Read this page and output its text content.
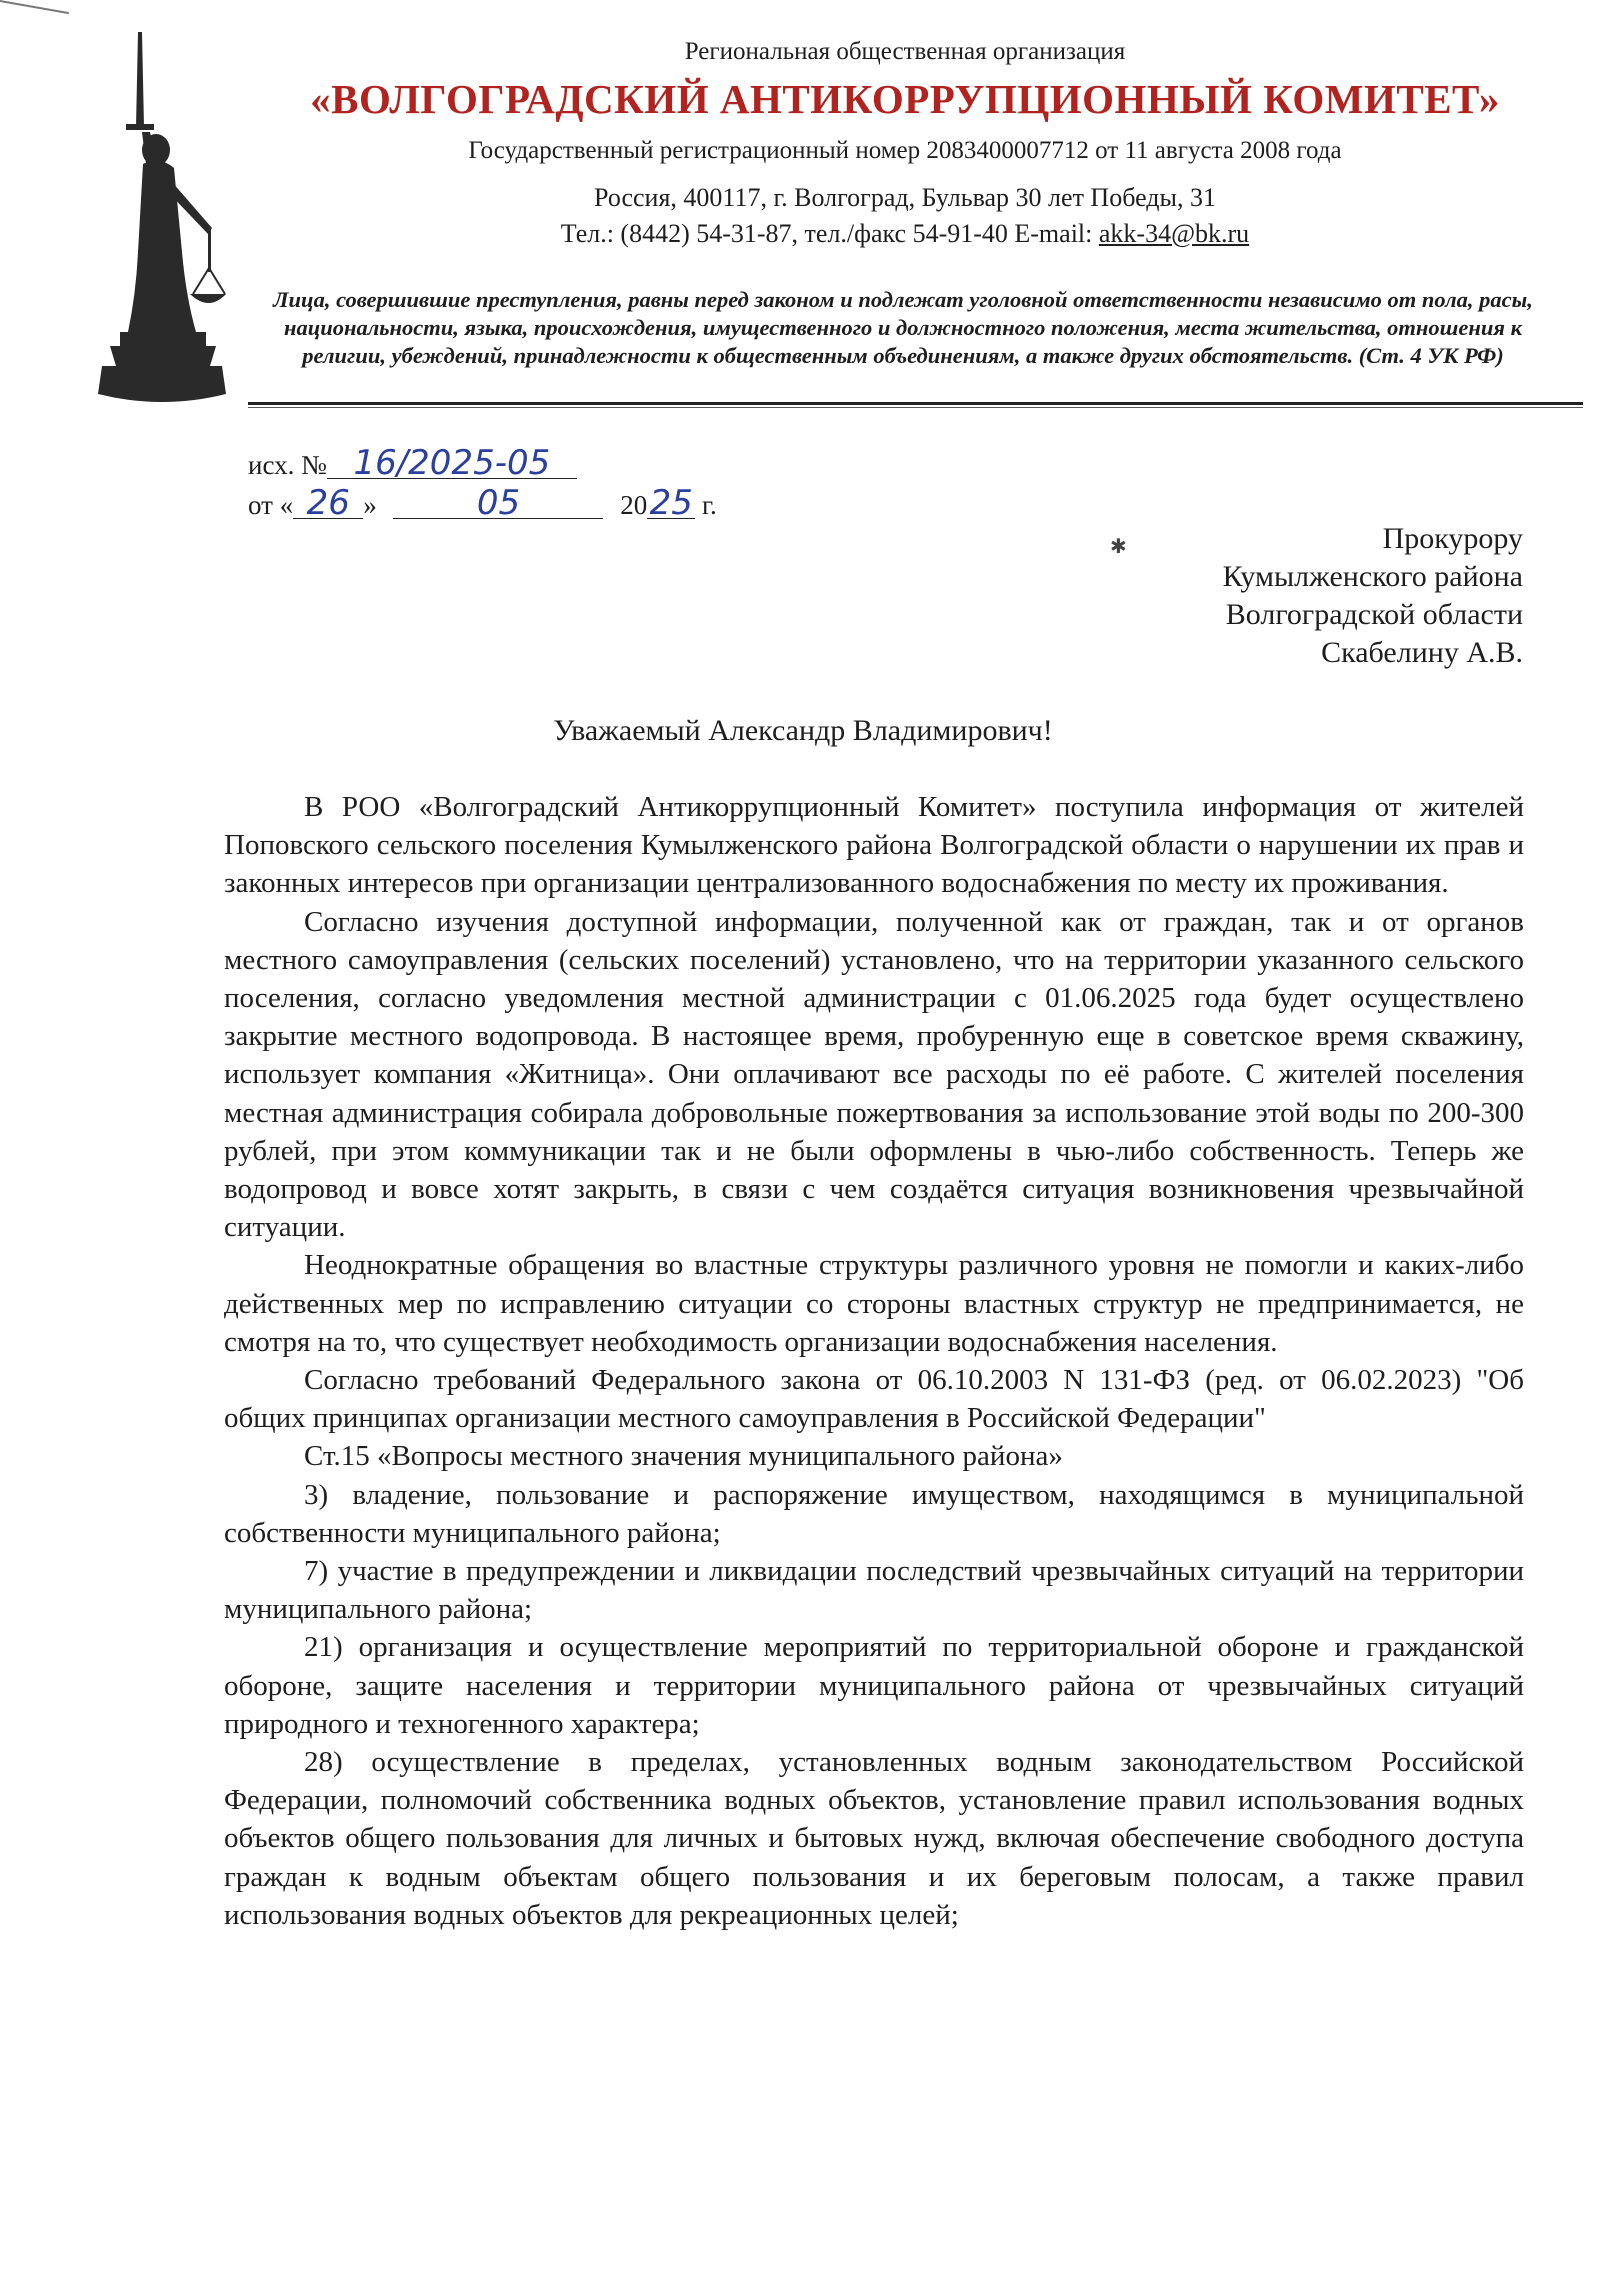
Региональная общественная организация
«ВОЛГОГРАДСКИЙ АНТИКОРРУПЦИОННЫЙ КОМИТЕТ»
Государственный регистрационный номер 2083400007712 от 11 августа 2008 года
Россия, 400117, г. Волгоград, Бульвар 30 лет Победы, 31
Тел.: (8442) 54-31-87, тел./факс 54-91-40 E-mail: akk-34@bk.ru
Лица, совершившие преступления, равны перед законом и подлежат уголовной ответственности независимо от пола, расы, национальности, языка, происхождения, имущественного и должностного положения, места жительства, отношения к религии, убеждений, принадлежности к общественным объединениям, а также других обстоятельств. (Ст. 4 УК РФ)
исх. № 16/2025-05
от « 26 »	05	2025 г.
✱	Прокурору
Кумылженского района
Волгоградской области
Скабелину А.В.
Уважаемый Александр Владимирович!

В РОО «Волгоградский Антикоррупционный Комитет» поступила информация от жителей Поповского сельского поселения Кумылженского района Волгоградской области о нарушении их прав и законных интересов при организации централизованного водоснабжения по месту их проживания.

Согласно изучения доступной информации, полученной как от граждан, так и от органов местного самоуправления (сельских поселений) установлено, что на территории указанного сельского поселения, согласно уведомления местной администрации с 01.06.2025 года будет осуществлено закрытие местного водопровода. В настоящее время, пробуренную еще в советское время скважину, использует компания «Житница». Они оплачивают все расходы по её работе. С жителей поселения местная администрация собирала добровольные пожертвования за использование этой воды по 200-300 рублей, при этом коммуникации так и не были оформлены в чью-либо собственность. Теперь же водопровод и вовсе хотят закрыть, в связи с чем создаётся ситуация возникновения чрезвычайной ситуации.

Неоднократные обращения во властные структуры различного уровня не помогли и каких-либо действенных мер по исправлению ситуации со стороны властных структур не предпринимается, не смотря на то, что существует необходимость организации водоснабжения населения.

Согласно требований Федерального закона от 06.10.2003 N 131-ФЗ (ред. от 06.02.2023) "Об общих принципах организации местного самоуправления в Российской Федерации"

Ст.15 «Вопросы местного значения муниципального района»

3) владение, пользование и распоряжение имуществом, находящимся в муниципальной собственности муниципального района;

7) участие в предупреждении и ликвидации последствий чрезвычайных ситуаций на территории муниципального района;

21) организация и осуществление мероприятий по территориальной обороне и гражданской обороне, защите населения и территории муниципального района от чрезвычайных ситуаций природного и техногенного характера;

28) осуществление в пределах, установленных водным законодательством Российской Федерации, полномочий собственника водных объектов, установление правил использования водных объектов общего пользования для личных и бытовых нужд, включая обеспечение свободного доступа граждан к водным объектам общего пользования и их береговым полосам, а также правил использования водных объектов для рекреационных целей;
